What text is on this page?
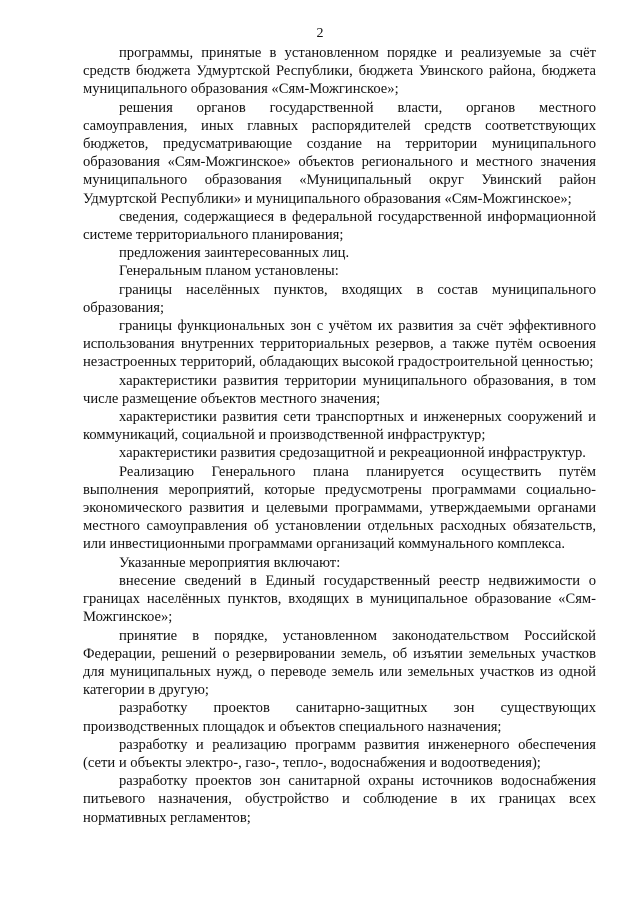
2

программы, принятые в установленном порядке и реализуемые за счёт средств бюджета Удмуртской Республики, бюджета Увинского района, бюджета муниципального образования «Сям-Можгинское»;

решения органов государственной власти, органов местного самоуправления, иных главных распорядителей средств соответствующих бюджетов, предусматривающие создание на территории муниципального образования «Сям-Можгинское» объектов регионального и местного значения муниципального образования «Муниципальный округ Увинский район Удмуртской Республики» и муниципального образования «Сям-Можгинское»;

сведения, содержащиеся в федеральной государственной информационной системе территориального планирования;

предложения заинтересованных лиц.

Генеральным планом установлены:

границы населённых пунктов, входящих в состав муниципального образования;

границы функциональных зон с учётом их развития за счёт эффективного использования внутренних территориальных резервов, а также путём освоения незастроенных территорий, обладающих высокой градостроительной ценностью;

характеристики развития территории муниципального образования, в том числе размещение объектов местного значения;

характеристики развития сети транспортных и инженерных сооружений и коммуникаций, социальной и производственной инфраструктур;

характеристики развития средозащитной и рекреационной инфраструктур.

Реализацию Генерального плана планируется осуществить путём выполнения мероприятий, которые предусмотрены программами социально-экономического развития и целевыми программами, утверждаемыми органами местного самоуправления об установлении отдельных расходных обязательств, или инвестиционными программами организаций коммунального комплекса.

Указанные мероприятия включают:

внесение сведений в Единый государственный реестр недвижимости о границах населённых пунктов, входящих в муниципальное образование «Сям-Можгинское»;

принятие в порядке, установленном законодательством Российской Федерации, решений о резервировании земель, об изъятии земельных участков для муниципальных нужд, о переводе земель или земельных участков из одной категории в другую;

разработку проектов санитарно-защитных зон существующих производственных площадок и объектов специального назначения;

разработку и реализацию программ развития инженерного обеспечения (сети и объекты электро-, газо-, тепло-, водоснабжения и водоотведения);

разработку проектов зон санитарной охраны источников водоснабжения питьевого назначения, обустройство и соблюдение в их границах всех нормативных регламентов;
